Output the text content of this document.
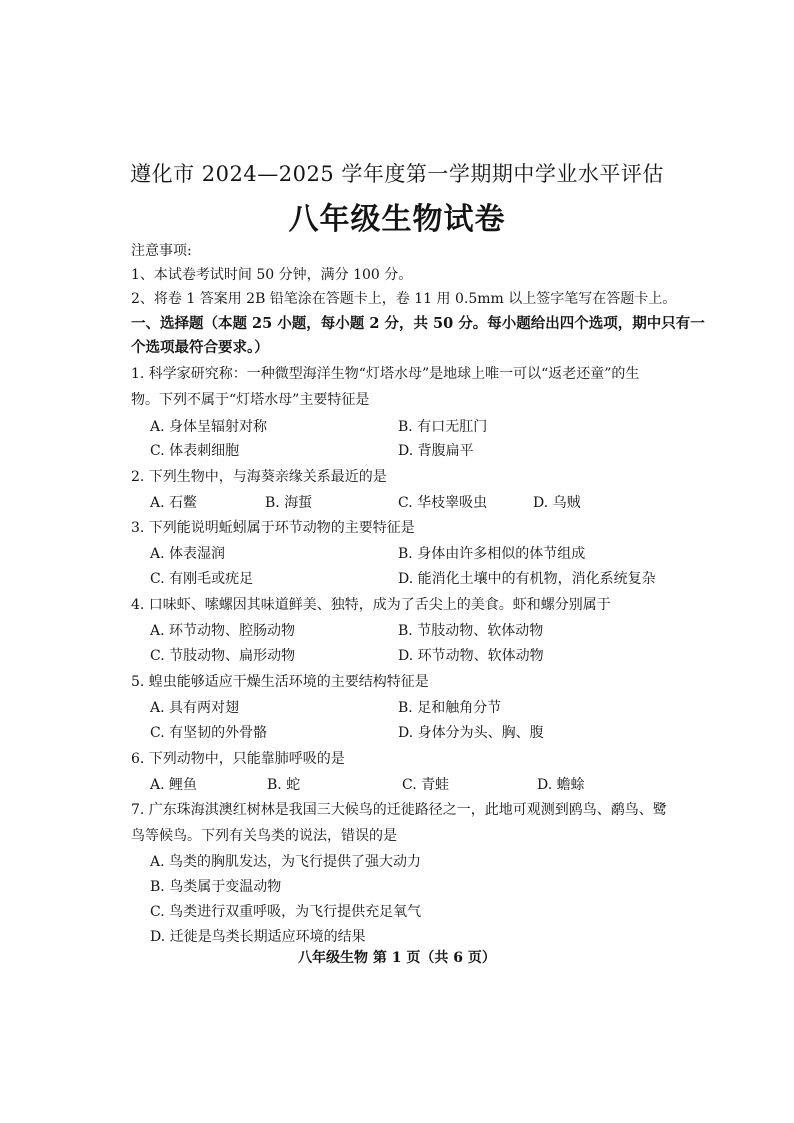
遵化市 2024—2025 学年度第一学期期中学业水平评估
八年级生物试卷
注意事项:
1、本试卷考试时间 50 分钟，满分 100 分。
2、将卷 1 答案用 2B 铅笔涂在答题卡上，卷 11 用 0.5mm 以上签字笔写在答题卡上。
一、选择题（本题 25 小题，每小题 2 分，共 50 分。每小题给出四个选项，期中只有一
个选项最符合要求。）
1. 科学家研究称：一种微型海洋生物“灯塔水母”是地球上唯一可以“返老还童”的生
物。下列不属于“灯塔水母”主要特征是
A. 身体呈辐射对称	B. 有口无肛门
C. 体表刺细胞	D. 背腹扁平
2. 下列生物中，与海葵亲缘关系最近的是
A. 石鳖	B. 海蜇	C. 华枝睾吸虫	D. 乌贼
3. 下列能说明蚯蚓属于环节动物的主要特征是
A. 体表湿润	B. 身体由许多相似的体节组成
C. 有刚毛或疣足	D. 能消化土壤中的有机物，消化系统复杂
4. 口味虾、嗦螺因其味道鲜美、独特，成为了舌尖上的美食。虾和螺分别属于
A. 环节动物、腔肠动物	B. 节肢动物、软体动物
C. 节肢动物、扁形动物	D. 环节动物、软体动物
5. 蝗虫能够适应干燥生活环境的主要结构特征是
A. 具有两对翅	B. 足和触角分节
C. 有坚韧的外骨骼	D. 身体分为头、胸、腹
6. 下列动物中，只能靠肺呼吸的是
A. 鲤鱼	B. 蛇	C. 青蛙	D. 蟾蜍
7. 广东珠海淇澳红树林是我国三大候鸟的迁徙路径之一，此地可观测到鸥鸟、鹬鸟、鹭
鸟等候鸟。下列有关鸟类的说法，错误的是
A. 鸟类的胸肌发达，为飞行提供了强大动力
B. 鸟类属于变温动物
C. 鸟类进行双重呼吸，为飞行提供充足氧气
D. 迁徙是鸟类长期适应环境的结果
八年级生物 第 1 页（共 6 页）
